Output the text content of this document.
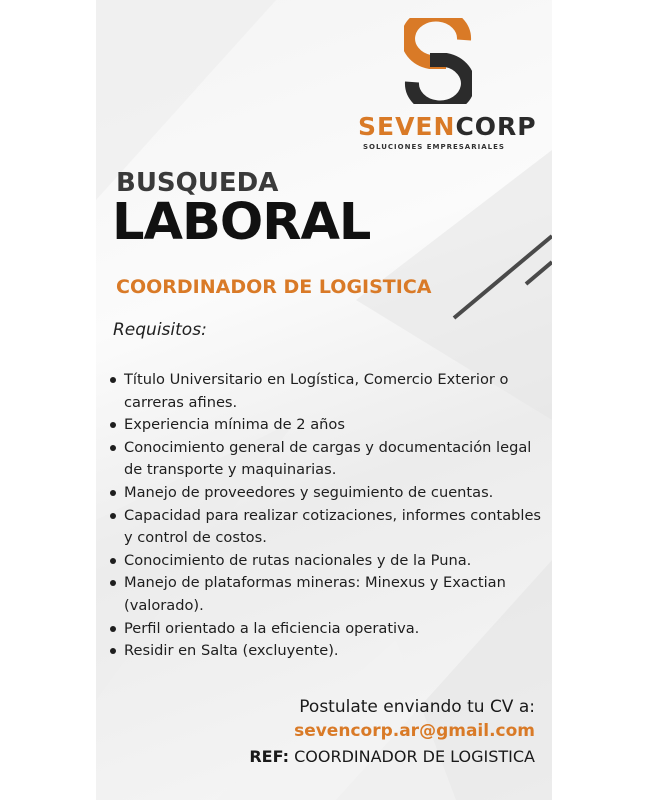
SEVENCORP
SOLUCIONES EMPRESARIALES
BUSQUEDA
LABORAL
COORDINADOR DE LOGISTICA
Requisitos:
Título Universitario en Logística, Comercio Exterior o carreras afines.
Experiencia mínima de 2 años
Conocimiento general de cargas y documentación legal de transporte y maquinarias.
Manejo de proveedores y seguimiento de cuentas.
Capacidad para realizar cotizaciones, informes contables y control de costos.
Conocimiento de rutas nacionales y de la Puna.
Manejo de plataformas mineras: Minexus y Exactian (valorado).
Perfil orientado a la eficiencia operativa.
Residir en Salta (excluyente).
Postulate enviando tu CV a:
sevencorp.ar@gmail.com
REF: COORDINADOR DE LOGISTICA
